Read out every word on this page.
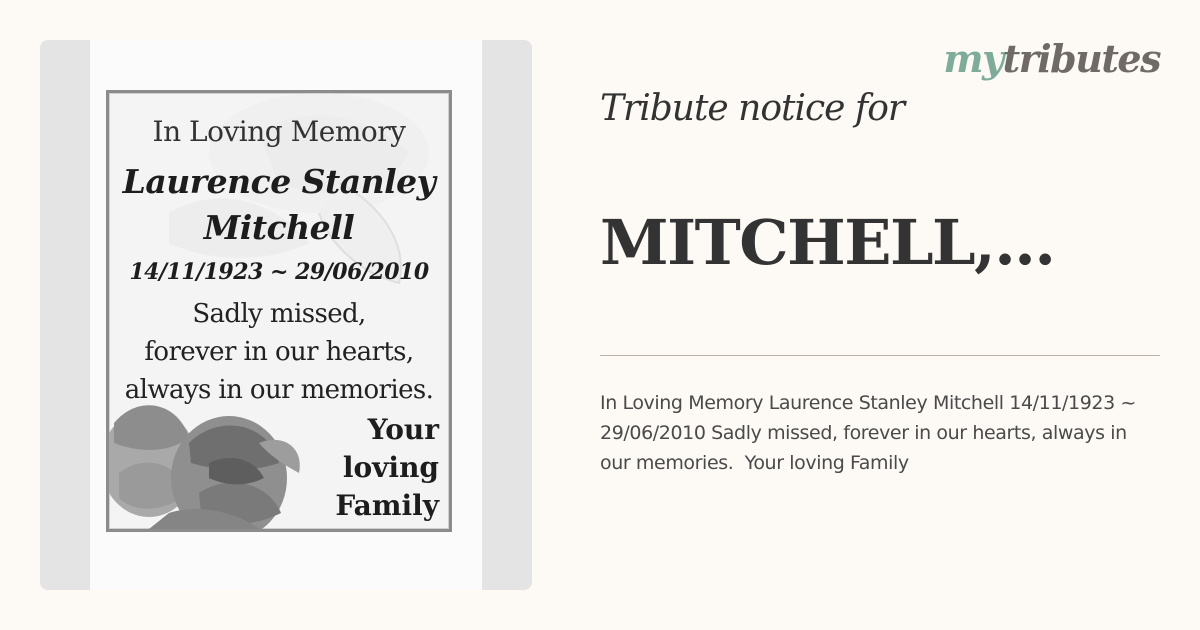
In Loving Memory
Laurence Stanley
Mitchell
14/11/1923 ~ 29/06/2010
Sadly missed,
forever in our hearts,
always in our memories.
Your
loving
Family
mytributes
Tribute notice for
MITCHELL,...
In Loving Memory Laurence Stanley Mitchell 14/11/1923 ~ 29/06/2010 Sadly missed, forever in our hearts, always in our memories.  Your loving Family
